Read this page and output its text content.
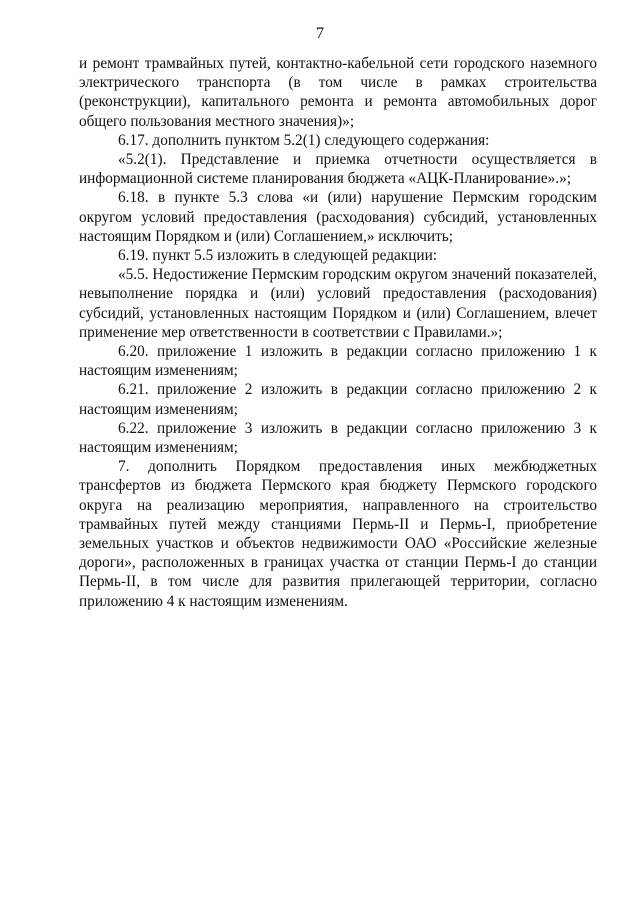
7

и ремонт трамвайных путей, контактно-кабельной сети городского наземного электрического транспорта (в том числе в рамках строительства (реконструкции), капитального ремонта и ремонта автомобильных дорог общего пользования местного значения)»;

6.17. дополнить пунктом 5.2(1) следующего содержания:

«5.2(1). Представление и приемка отчетности осуществляется в информационной системе планирования бюджета «АЦК-Планирование».»;

6.18. в пункте 5.3 слова «и (или) нарушение Пермским городским округом условий предоставления (расходования) субсидий, установленных настоящим Порядком и (или) Соглашением,» исключить;

6.19. пункт 5.5 изложить в следующей редакции:

«5.5. Недостижение Пермским городским округом значений показателей, невыполнение порядка и (или) условий предоставления (расходования) субсидий, установленных настоящим Порядком и (или) Соглашением, влечет применение мер ответственности в соответствии с Правилами.»;

6.20. приложение 1 изложить в редакции согласно приложению 1 к настоящим изменениям;

6.21. приложение 2 изложить в редакции согласно приложению 2 к настоящим изменениям;

6.22. приложение 3 изложить в редакции согласно приложению 3 к настоящим изменениям;

7. дополнить Порядком предоставления иных межбюджетных трансфертов из бюджета Пермского края бюджету Пермского городского округа на реализацию мероприятия, направленного на строительство трамвайных путей между станциями Пермь-II и Пермь-I, приобретение земельных участков и объектов недвижимости ОАО «Российские железные дороги», расположенных в границах участка от станции Пермь-I до станции Пермь-II, в том числе для развития прилегающей территории, согласно приложению 4 к настоящим изменениям.
